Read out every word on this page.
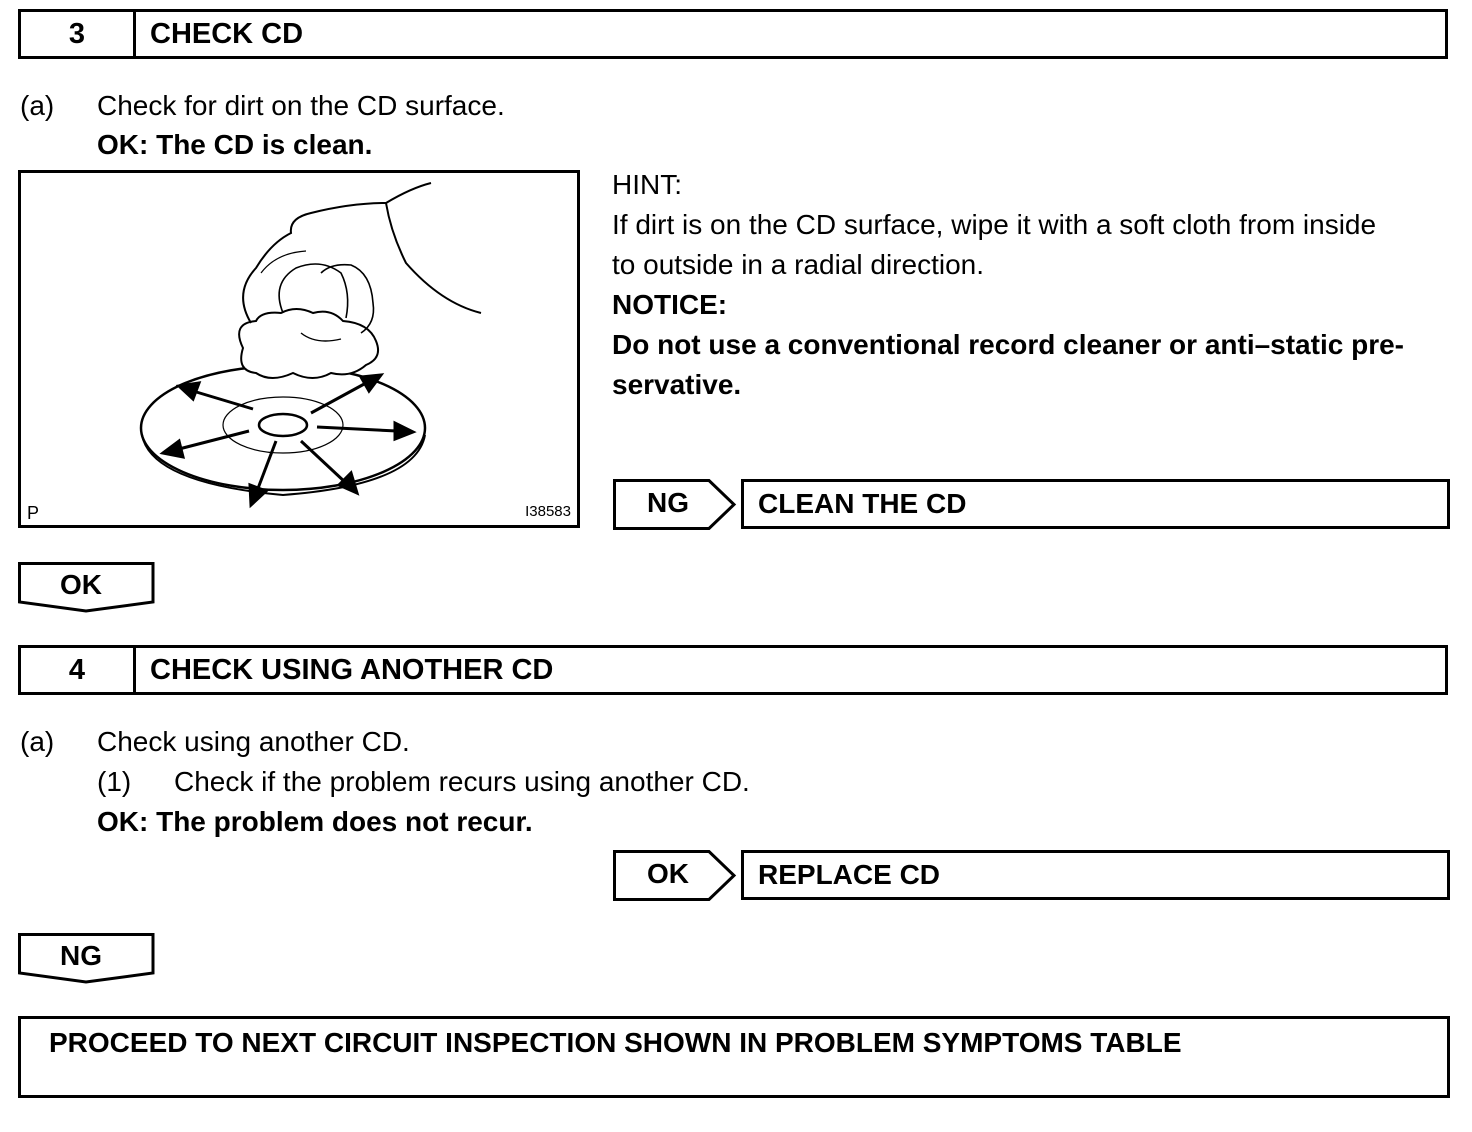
3	CHECK CD
(a) Check for dirt on the CD surface.
OK: The CD is clean.
P	I38583
HINT:
If dirt is on the CD surface, wipe it with a soft cloth from inside
to outside in a radial direction.
NOTICE:
Do not use a conventional record cleaner or anti–static pre-
servative.
NG	CLEAN THE CD
OK
4	CHECK USING ANOTHER CD
(a) Check using another CD.
(1) Check if the problem recurs using another CD.
OK: The problem does not recur.
OK	REPLACE CD
NG
PROCEED TO NEXT CIRCUIT INSPECTION SHOWN IN PROBLEM SYMPTOMS TABLE
